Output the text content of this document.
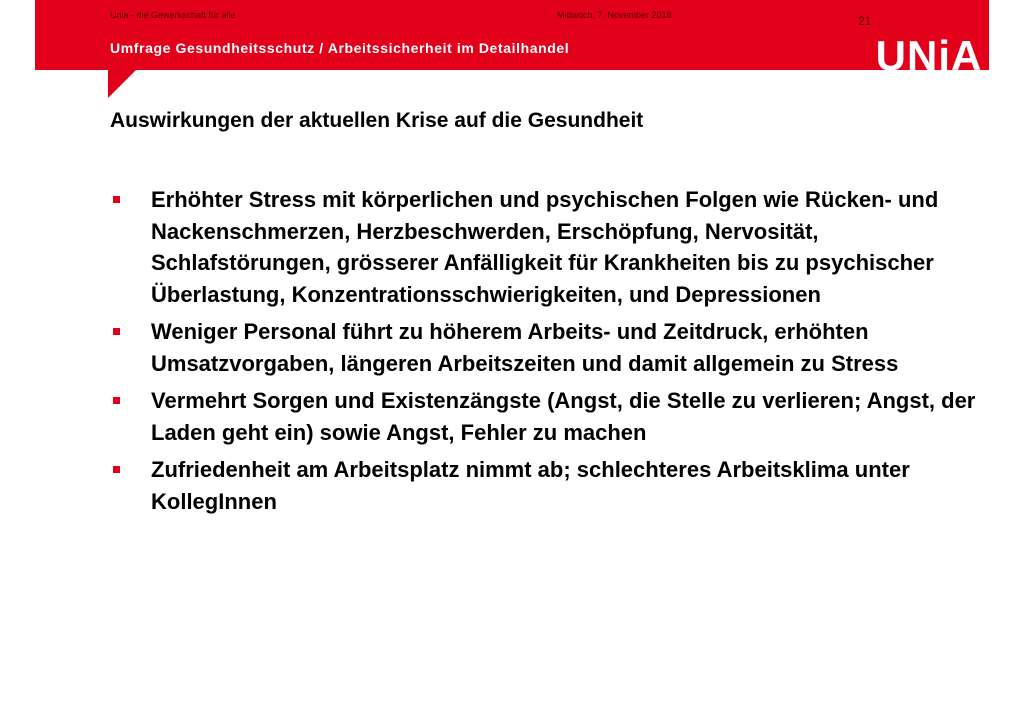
Unia - die Gewerkschaft für alle	Mittwoch, 7. November 2018	21
Umfrage Gesundheitsschutz / Arbeitssicherheit im Detailhandel	UNiA
Auswirkungen der aktuellen Krise auf die Gesundheit
Erhöhter Stress mit körperlichen und psychischen Folgen wie Rücken- und Nackenschmerzen, Herzbeschwerden, Erschöpfung, Nervosität, Schlafstörungen, grösserer Anfälligkeit für Krankheiten bis zu psychischer Überlastung, Konzentrationsschwierigkeiten, und Depressionen
Weniger Personal führt zu höherem Arbeits- und Zeitdruck, erhöhten Umsatzvorgaben, längeren Arbeitszeiten und damit allgemein zu Stress
Vermehrt Sorgen und Existenzängste (Angst, die Stelle zu verlieren; Angst, der Laden geht ein) sowie Angst, Fehler zu machen
Zufriedenheit am Arbeitsplatz nimmt ab; schlechteres Arbeitsklima unter KollegInnen
